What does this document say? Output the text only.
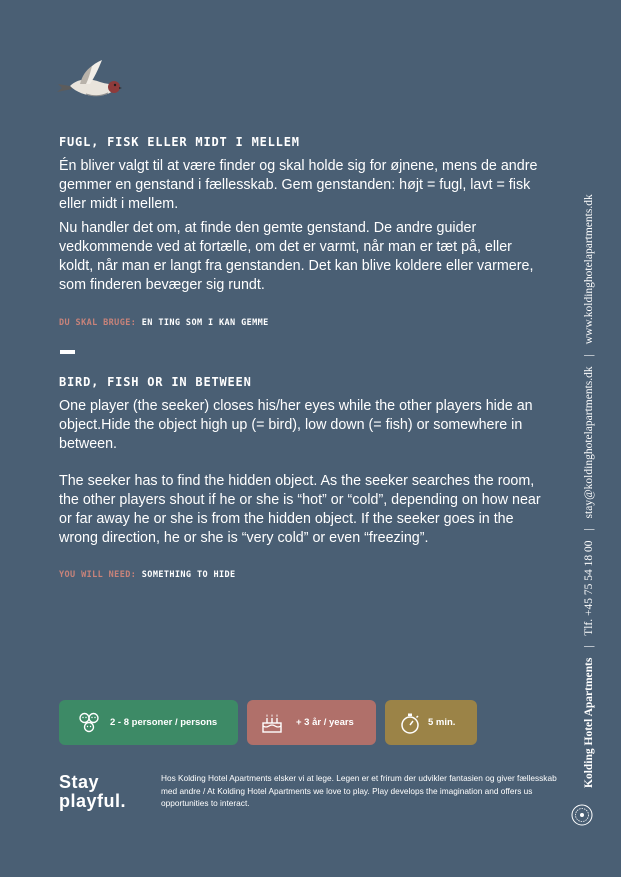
FUGL, FISK ELLER MIDT I MELLEM

Én bliver valgt til at være finder og skal holde sig for øjnene, mens de andre gemmer en genstand i fællesskab. Gem genstanden: højt = fugl, lavt = fisk eller midt i mellem.

Nu handler det om, at finde den gemte genstand. De andre guider vedkommende ved at fortælle, om det er varmt, når man er tæt på, eller koldt, når man er langt fra genstanden. Det kan blive koldere eller varmere, som finderen bevæger sig rundt.

DU SKAL BRUGE: EN TING SOM I KAN GEMME
BIRD, FISH OR IN BETWEEN

One player (the seeker) closes his/her eyes while the other players hide an object.Hide the object high up (= bird), low down (= fish) or somewhere in between.

The seeker has to find the hidden object. As the seeker searches the room, the other players shout if he or she is “hot” or “cold”, depending on how near or far away he or she is from the hidden object. If the seeker goes in the wrong direction, he or she is “very cold” or even “freezing”.

YOU WILL NEED: SOMETHING TO HIDE
2 - 8 personer / persons	+ 3 år / years	5 min.
Stay
playful.
Hos Kolding Hotel Apartments elsker vi at lege. Legen er et frirum der udvikler fantasien og giver fællesskab med andre / At Kolding Hotel Apartments we love to play. Play develops the imagination and offers us opportunities to interact.
Kolding Hotel Apartments | Tlf. +45 75 54 18 00 | stay@koldinghotelapartments.dk | www.koldinghotelapartments.dk
